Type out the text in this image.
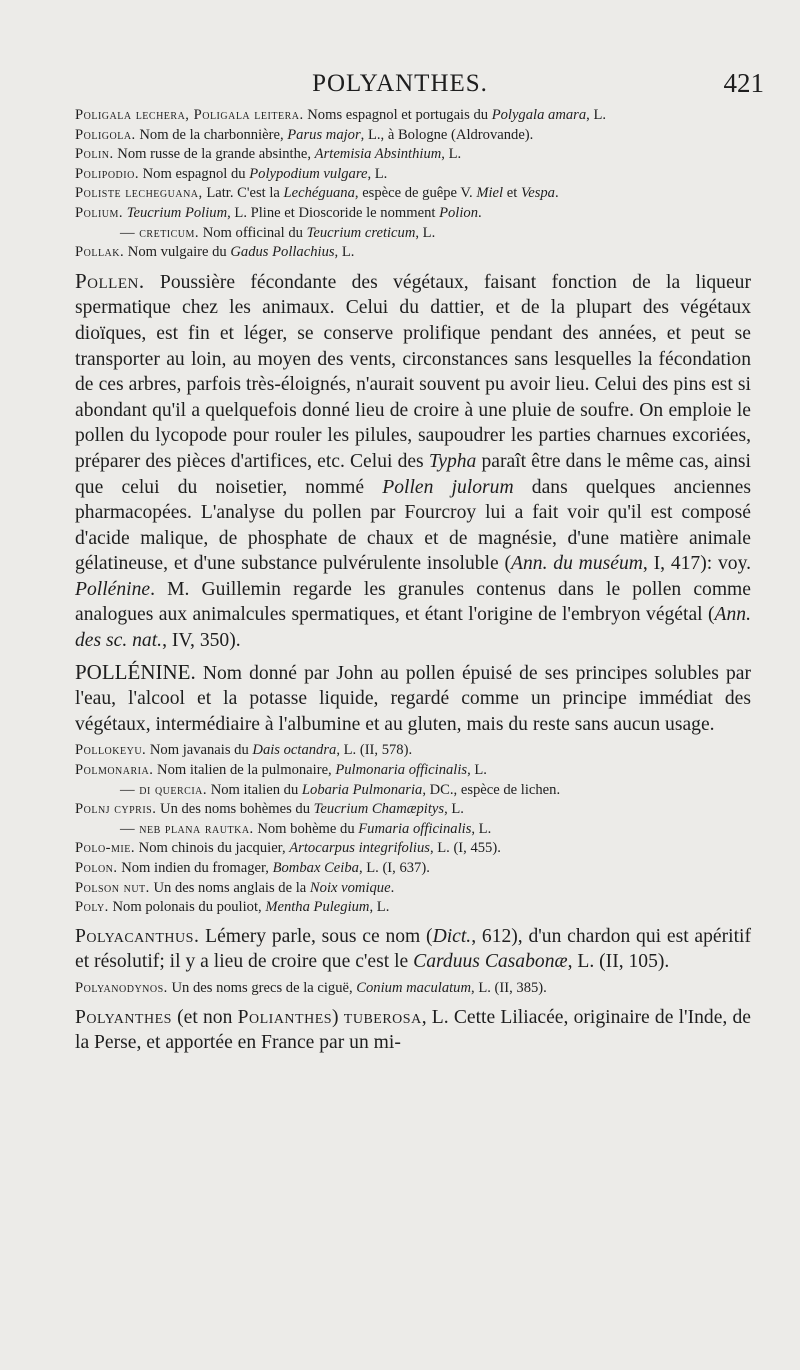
POLYANTHES.	421
Poligala lechera, Poligala leitera. Noms espagnol et portugais du Polygala amara, L.
Poligola. Nom de la charbonnière, Parus major, L., à Bologne (Aldrovande).
Polin. Nom russe de la grande absinthe, Artemisia Absinthium, L.
Polipodio. Nom espagnol du Polypodium vulgare, L.
Poliste lecheguana, Latr. C'est la Lechéguana, espèce de guêpe V. Miel et Vespa.
Polium. Teucrium Polium, L. Pline et Dioscoride le nomment Polion.
— creticum. Nom officinal du Teucrium creticum, L.
Pollak. Nom vulgaire du Gadus Pollachius, L.
Pollen. Poussière fécondante des végétaux, faisant fonction de la liqueur spermatique chez les animaux. Celui du dattier, et de la plupart des végétaux dioïques, est fin et léger, se conserve prolifique pendant des années, et peut se transporter au loin, au moyen des vents, circonstances sans lesquelles la fécondation de ces arbres, parfois très-éloignés, n'aurait souvent pu avoir lieu. Celui des pins est si abondant qu'il a quelquefois donné lieu de croire à une pluie de soufre. On emploie le pollen du lycopode pour rouler les pilules, saupoudrer les parties charnues excoriées, préparer des pièces d'artifices, etc. Celui des Typha paraît être dans le même cas, ainsi que celui du noisetier, nommé Pollen julorum dans quelques anciennes pharmacopées. L'analyse du pollen par Fourcroy lui a fait voir qu'il est composé d'acide malique, de phosphate de chaux et de magnésie, d'une matière animale gélatineuse, et d'une substance pulvérulente insoluble (Ann. du muséum, I, 417): voy. Pollénine. M. Guillemin regarde les granules contenus dans le pollen comme analogues aux animalcules spermatiques, et étant l'origine de l'embryon végétal (Ann. des sc. nat., IV, 350).
POLLÉNINE. Nom donné par John au pollen épuisé de ses principes solubles par l'eau, l'alcool et la potasse liquide, regardé comme un principe immédiat des végétaux, intermédiaire à l'albumine et au gluten, mais du reste sans aucun usage.
Pollokeyu. Nom javanais du Dais octandra, L. (II, 578).
Polmonaria. Nom italien de la pulmonaire, Pulmonaria officinalis, L.
— di quercia. Nom italien du Lobaria Pulmonaria, DC., espèce de lichen.
Polnj cypris. Un des noms bohèmes du Teucrium Chamæpitys, L.
— neb plana rautka. Nom bohème du Fumaria officinalis, L.
Polo-mie. Nom chinois du jacquier, Artocarpus integrifolius, L. (I, 455).
Polon. Nom indien du fromager, Bombax Ceiba, L. (I, 637).
Polson nut. Un des noms anglais de la Noix vomique.
Poly. Nom polonais du pouliot, Mentha Pulegium, L.
Polyacanthus. Lémery parle, sous ce nom (Dict., 612), d'un chardon qui est apéritif et résolutif; il y a lieu de croire que c'est le Carduus Casabonæ, L. (II, 105).
Polyanodynos. Un des noms grecs de la ciguë, Conium maculatum, L. (II, 385).
Polyanthes (et non Polianthes) tuberosa, L. Cette Liliacée, originaire de l'Inde, de la Perse, et apportée en France par un mi-
